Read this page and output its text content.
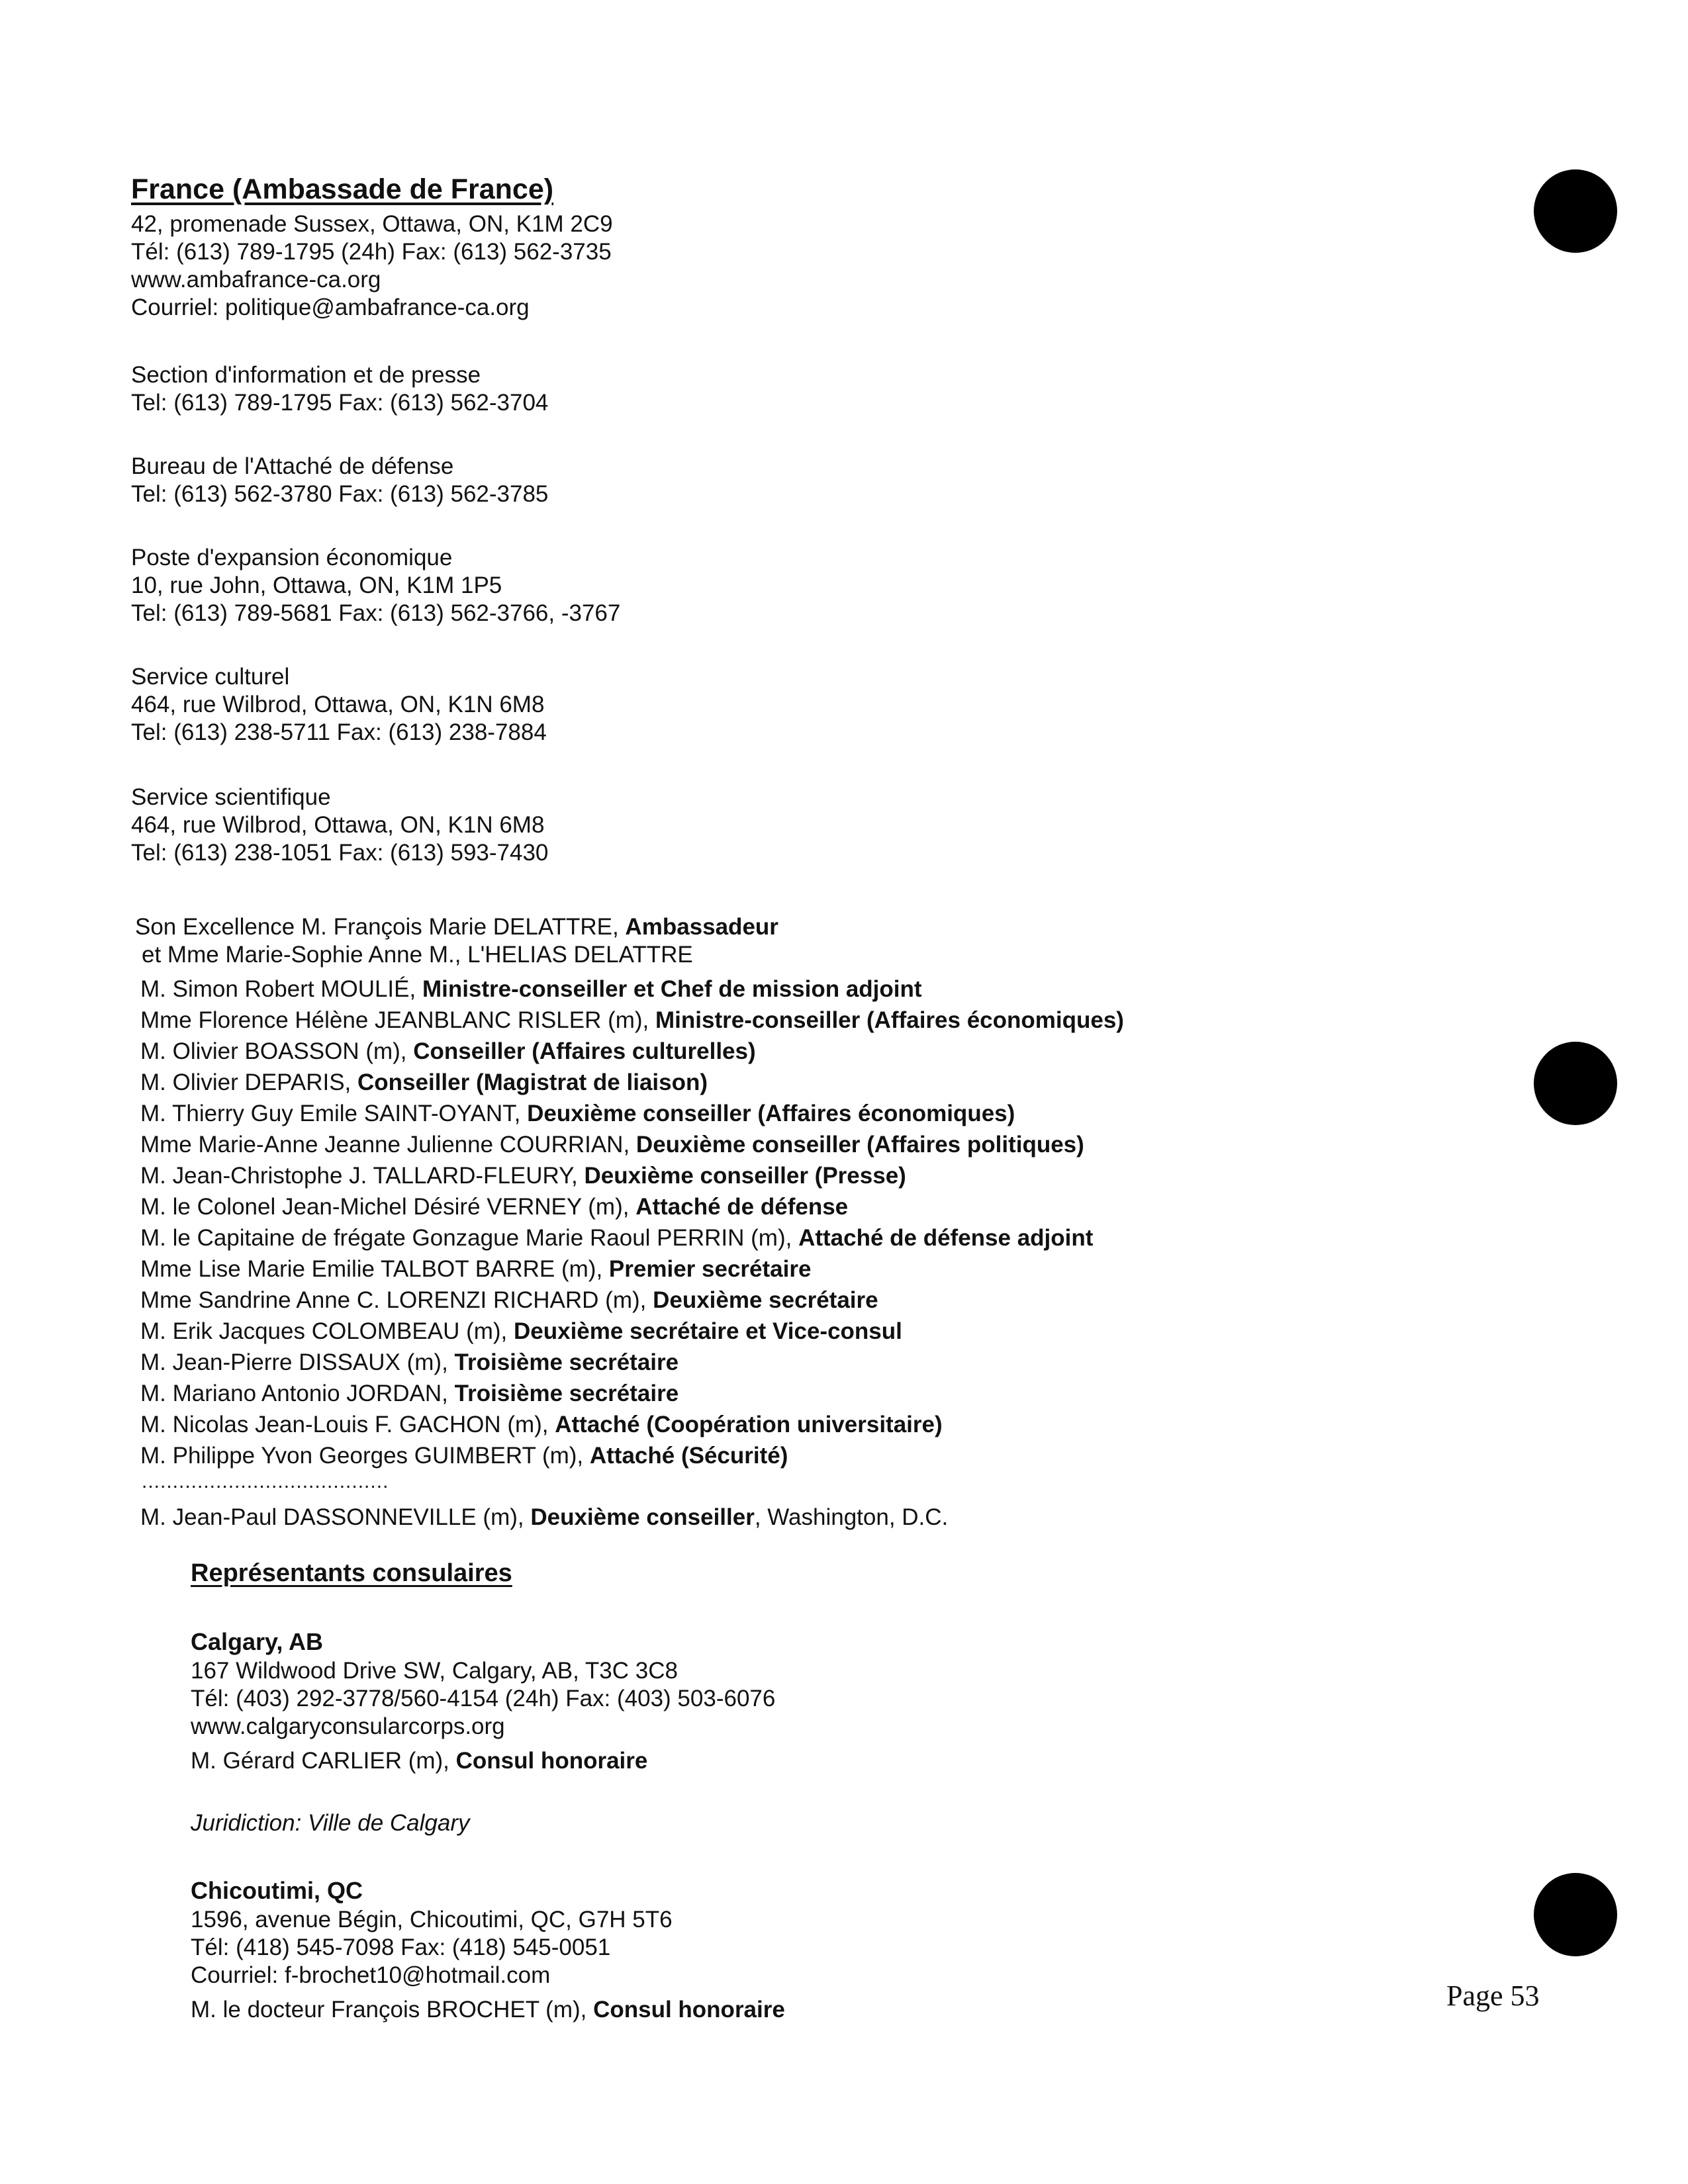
France (Ambassade de France)
42, promenade Sussex, Ottawa, ON, K1M 2C9
Tél: (613) 789-1795 (24h) Fax: (613) 562-3735
www.ambafrance-ca.org
Courriel: politique@ambafrance-ca.org
Section d'information et de presse
Tel: (613) 789-1795 Fax: (613) 562-3704
Bureau de l'Attaché de défense
Tel: (613) 562-3780 Fax: (613) 562-3785
Poste d'expansion économique
10, rue John, Ottawa, ON, K1M 1P5
Tel: (613) 789-5681 Fax: (613) 562-3766, -3767
Service culturel
464, rue Wilbrod, Ottawa, ON, K1N 6M8
Tel: (613) 238-5711 Fax: (613) 238-7884
Service scientifique
464, rue Wilbrod, Ottawa, ON, K1N 6M8
Tel: (613) 238-1051 Fax: (613) 593-7430
Son Excellence M. François Marie DELATTRE, Ambassadeur
et Mme Marie-Sophie Anne M., L'HELIAS DELATTRE
M. Simon Robert MOULIÉ, Ministre-conseiller et Chef de mission adjoint
Mme Florence Hélène JEANBLANC RISLER (m), Ministre-conseiller (Affaires économiques)
M. Olivier BOASSON (m), Conseiller (Affaires culturelles)
M. Olivier DEPARIS, Conseiller (Magistrat de liaison)
M. Thierry Guy Emile SAINT-OYANT, Deuxième conseiller (Affaires économiques)
Mme Marie-Anne Jeanne Julienne COURRIAN, Deuxième conseiller (Affaires politiques)
M. Jean-Christophe J. TALLARD-FLEURY, Deuxième conseiller (Presse)
M. le Colonel Jean-Michel Désiré VERNEY (m), Attaché de défense
M. le Capitaine de frégate Gonzague Marie Raoul PERRIN (m), Attaché de défense adjoint
Mme Lise Marie Emilie TALBOT BARRE (m), Premier secrétaire
Mme Sandrine Anne C. LORENZI RICHARD (m), Deuxième secrétaire
M. Erik Jacques COLOMBEAU (m), Deuxième secrétaire et Vice-consul
M. Jean-Pierre DISSAUX (m), Troisième secrétaire
M. Mariano Antonio JORDAN, Troisième secrétaire
M. Nicolas Jean-Louis F. GACHON (m), Attaché (Coopération universitaire)
M. Philippe Yvon Georges GUIMBERT (m), Attaché (Sécurité)
........................................
M. Jean-Paul DASSONNEVILLE (m), Deuxième conseiller, Washington, D.C.
Représentants consulaires
Calgary, AB
167 Wildwood Drive SW, Calgary, AB, T3C 3C8
Tél: (403) 292-3778/560-4154 (24h) Fax: (403) 503-6076
www.calgaryconsularcorps.org
M. Gérard CARLIER (m), Consul honoraire
Juridiction: Ville de Calgary
Chicoutimi, QC
1596, avenue Bégin, Chicoutimi, QC, G7H 5T6
Tél: (418) 545-7098 Fax: (418) 545-0051
Courriel: f-brochet10@hotmail.com
M. le docteur François BROCHET (m), Consul honoraire	Page 53
